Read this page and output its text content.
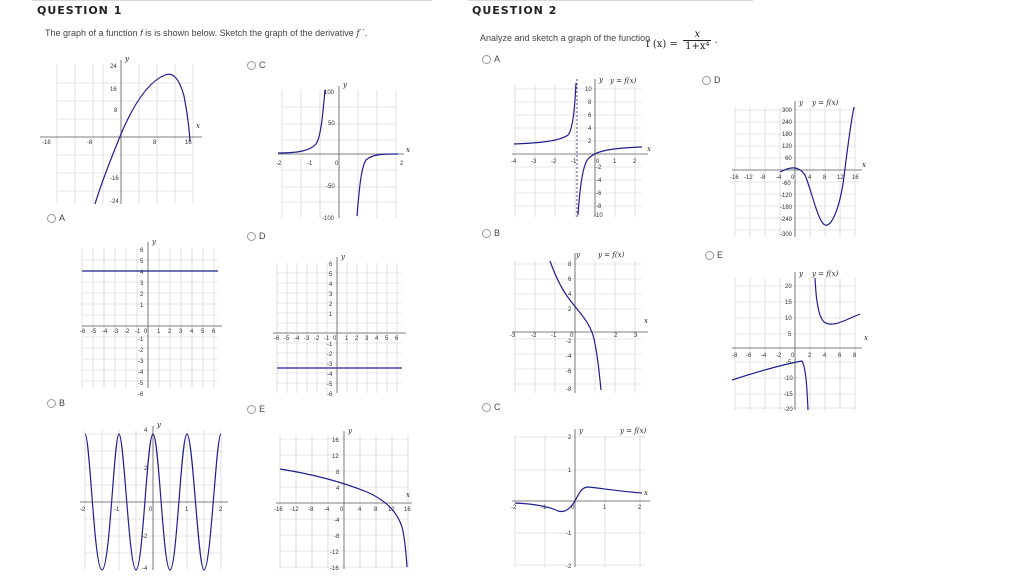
QUESTION 1
The graph of a function f is is shown below. Sketch the graph of the derivative f ′.
QUESTION 2
Analyze and sketch a graph of the function
f $(x) = \frac{x}{\text{1+x⁴}}$ .
C
A
D
B
E
A
D
B
E
C
-16	-8	8	16
24
16
8
-16
-24
x
y
-2	-1	0	2
100
50
-50
-100
x
y
-6 -5 -4 -3 -2 -1 0 1 2 3 4 5 6
6
5
4
3
2
1
-1
-2
-3
-4
-5
-6
y
-6 -5 -4 -3 -2 -1 0 1 2 3 4 5 6
6
5
4
3
2
1
-1
-2
-3
-4
-5
-6
y
-2	-1	0	1	2
4
2
-2
-4
y
-16 -12 -8 -4 0 4 8 12 16
16
12
8
4
-4
-8
-12
-16
x
y
-4 -3 -2 -1	0 1	2
10
8
6
4
2
-2
-4
-6
-8
-10
x
y y = f(x)
-16 -12 -8 -4 0 4 8 12 16
300
240
180
120
60
-60
-120
-180
-240
-300
x
y y = f(x)
-3	-2 -1 0	2	3
8
6
4
2
-2
-4
-6
-8
x
y	y = f(x)
-8 -6 -4 -2 0 2 4 6 8
20
15
10
5
-5
-10
-15
-20
x
y y = f(x)
-2	-1	0	1	2
2
1
-1
-2
x
y	y = f(x)
